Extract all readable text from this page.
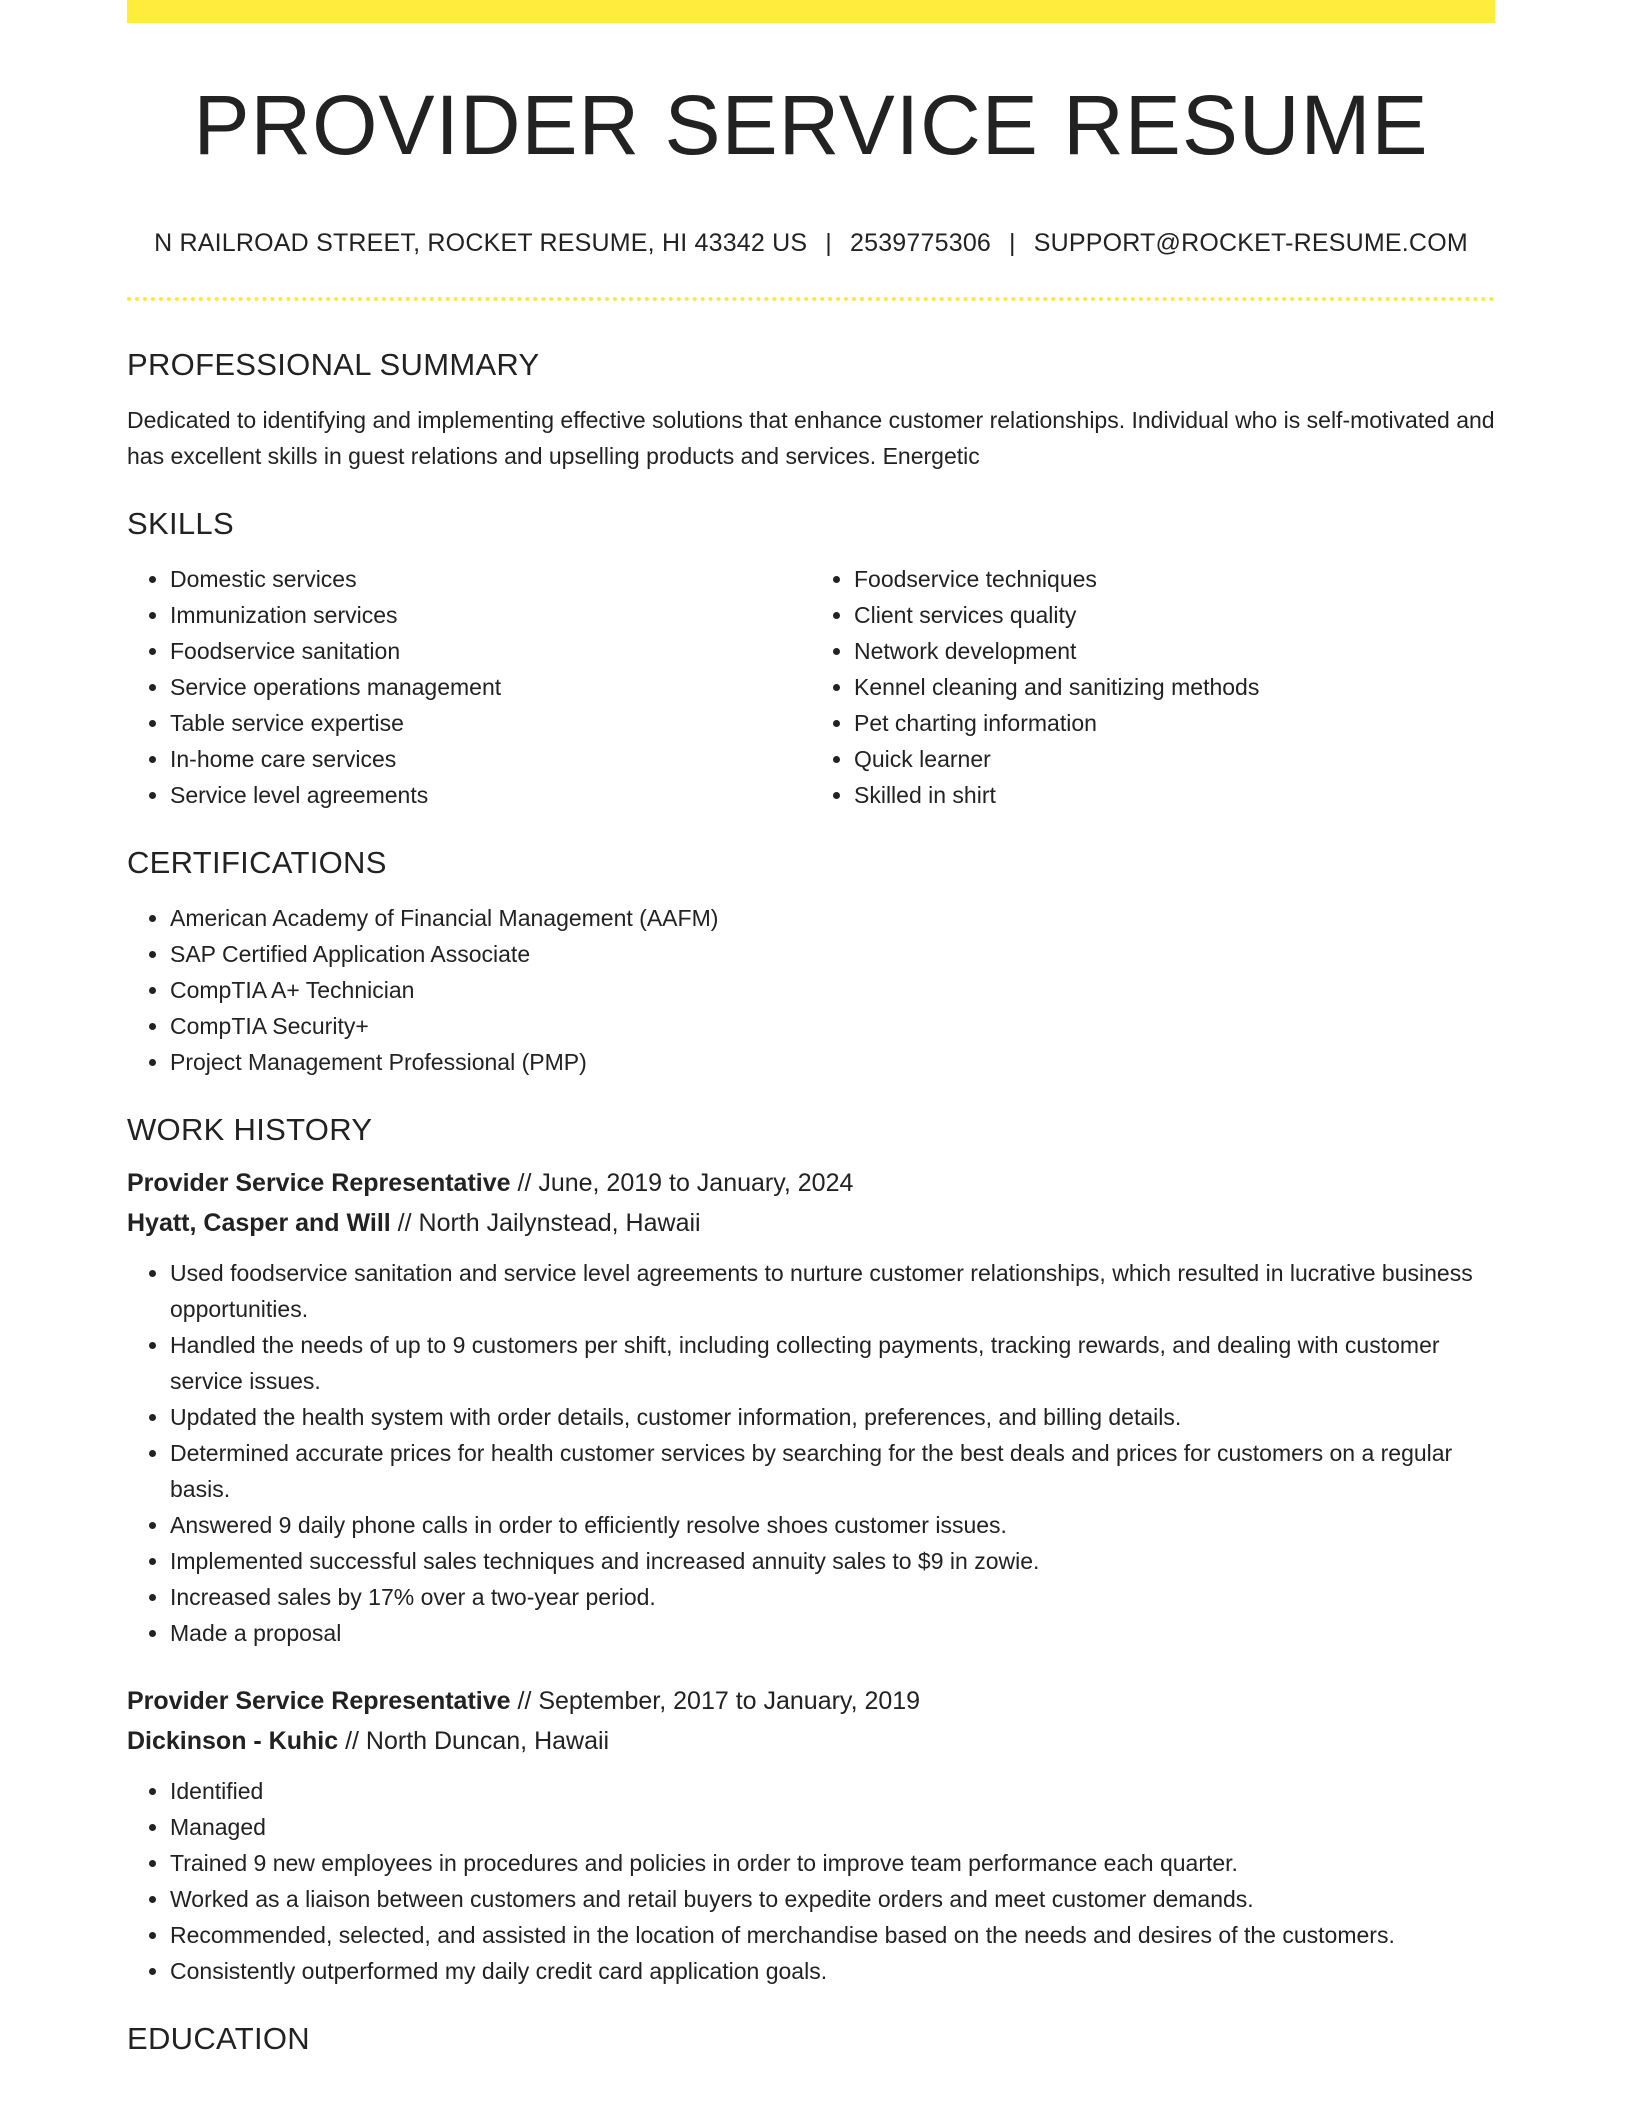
PROVIDER SERVICE RESUME
N RAILROAD STREET, ROCKET RESUME, HI 43342 US | 2539775306 | SUPPORT@ROCKET-RESUME.COM
PROFESSIONAL SUMMARY

Dedicated to identifying and implementing effective solutions that enhance customer relationships. Individual who is self-motivated and has excellent skills in guest relations and upselling products and services. Energetic

SKILLS
• Domestic services
• Immunization services
• Foodservice sanitation
• Service operations management
• Table service expertise
• In-home care services
• Service level agreements
• Foodservice techniques
• Client services quality
• Network development
• Kennel cleaning and sanitizing methods
• Pet charting information
• Quick learner
• Skilled in shirt
CERTIFICATIONS
• American Academy of Financial Management (AAFM)
• SAP Certified Application Associate
• CompTIA A+ Technician
• CompTIA Security+
• Project Management Professional (PMP)
WORK HISTORY
Provider Service Representative // June, 2019 to January, 2024
Hyatt, Casper and Will // North Jailynstead, Hawaii
• Used foodservice sanitation and service level agreements to nurture customer relationships, which resulted in lucrative business opportunities.
• Handled the needs of up to 9 customers per shift, including collecting payments, tracking rewards, and dealing with customer service issues.
• Updated the health system with order details, customer information, preferences, and billing details.
• Determined accurate prices for health customer services by searching for the best deals and prices for customers on a regular basis.
• Answered 9 daily phone calls in order to efficiently resolve shoes customer issues.
• Implemented successful sales techniques and increased annuity sales to $9 in zowie.
• Increased sales by 17% over a two-year period.
• Made a proposal
Provider Service Representative // September, 2017 to January, 2019
Dickinson - Kuhic // North Duncan, Hawaii
• Identified
• Managed
• Trained 9 new employees in procedures and policies in order to improve team performance each quarter.
• Worked as a liaison between customers and retail buyers to expedite orders and meet customer demands.
• Recommended, selected, and assisted in the location of merchandise based on the needs and desires of the customers.
• Consistently outperformed my daily credit card application goals.
EDUCATION
